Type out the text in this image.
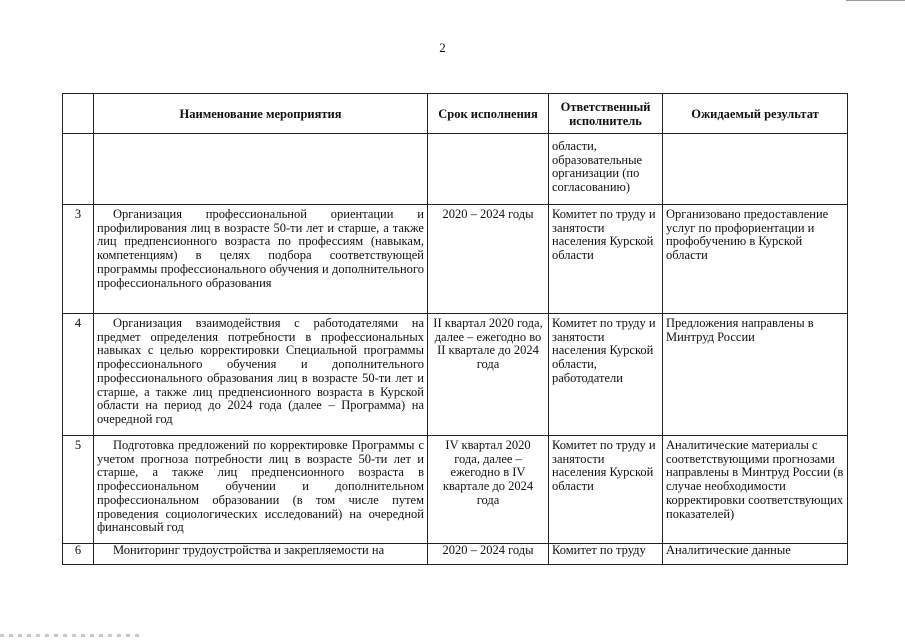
2
	Наименование мероприятия	Срок исполнения	Ответственный исполнитель	Ожидаемый результат
			области, образовательные организации (по согласованию)	
3	Организация профессиональной ориентации и профилирования лиц в возрасте 50-ти лет и старше, а также лиц предпенсионного возраста по профессиям (навыкам, компетенциям) в целях подбора соответствующей программы профессионального обучения и дополнительного профессионального образования	2020 – 2024 годы	Комитет по труду и занятости населения Курской области	Организовано предоставление услуг по профориентации и профобучению в Курской области
4	Организация взаимодействия с работодателями на предмет определения потребности в профессиональных навыках с целью корректировки Специальной программы профессионального обучения и дополнительного профессионального образования лиц в возрасте 50-ти лет и старше, а также лиц предпенсионного возраста в Курской области на период до 2024 года (далее – Программа) на очередной год	II квартал 2020 года, далее – ежегодно во II квартале до 2024 года	Комитет по труду и занятости населения Курской области, работодатели	Предложения направлены в Минтруд России
5	Подготовка предложений по корректировке Программы с учетом прогноза потребности лиц в возрасте 50-ти лет и старше, а также лиц предпенсионного возраста в профессиональном обучении и дополнительном профессиональном образовании (в том числе путем проведения социологических исследований) на очередной финансовый год	IV квартал 2020 года, далее – ежегодно в IV квартале до 2024 года	Комитет по труду и занятости населения Курской области	Аналитические материалы с соответствующими прогнозами направлены в Минтруд России (в случае необходимости корректировки соответствующих показателей)
6	Мониторинг трудоустройства и закрепляемости на	2020 – 2024 годы	Комитет по труду	Аналитические данные
